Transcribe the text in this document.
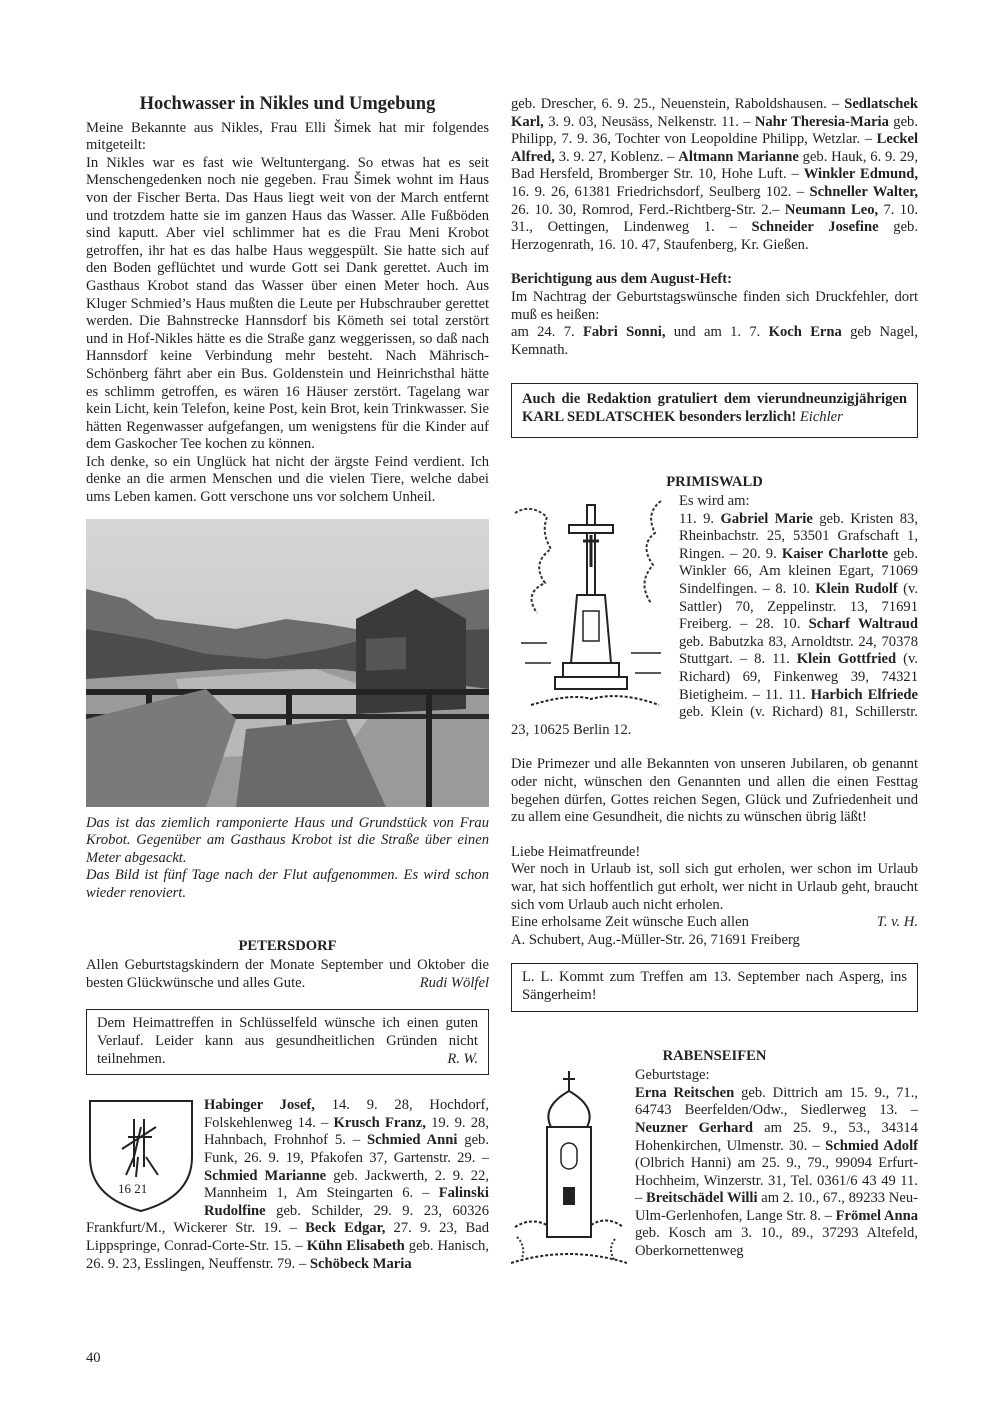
Hochwasser in Nikles und Umgebung

Meine Bekannte aus Nikles, Frau Elli Šimek hat mir folgendes mitgeteilt:

In Nikles war es fast wie Weltuntergang. So etwas hat es seit Menschengedenken noch nie gegeben. Frau Šimek wohnt im Haus von der Fischer Berta. Das Haus liegt weit von der March entfernt und trotzdem hatte sie im ganzen Haus das Wasser. Alle Fußböden sind kaputt. Aber viel schlimmer hat es die Frau Meni Krobot getroffen, ihr hat es das halbe Haus weggespült. Sie hatte sich auf den Boden geflüchtet und wurde Gott sei Dank gerettet. Auch im Gasthaus Krobot stand das Wasser über einen Meter hoch. Aus Kluger Schmied’s Haus mußten die Leute per Hubschrauber gerettet werden. Die Bahnstrecke Hannsdorf bis Kömeth sei total zerstört und in Hof-Nikles hätte es die Straße ganz weggerissen, so daß nach Hannsdorf keine Verbindung mehr besteht. Nach Mährisch-Schönberg fährt aber ein Bus. Goldenstein und Heinrichsthal hätte es schlimm getroffen, es wären 16 Häuser zerstört. Tagelang war kein Licht, kein Telefon, keine Post, kein Brot, kein Trinkwasser. Sie hätten Regenwasser aufgefangen, um wenigstens für die Kinder auf dem Gaskocher Tee kochen zu können.

Ich denke, so ein Unglück hat nicht der ärgste Feind verdient. Ich denke an die armen Menschen und die vielen Tiere, welche dabei ums Leben kamen. Gott verschone uns vor solchem Unheil.

Das ist das ziemlich ramponierte Haus und Grundstück von Frau Krobot. Gegenüber am Gasthaus Krobot ist die Straße über einen Meter abgesackt.

Das Bild ist fünf Tage nach der Flut aufgenommen. Es wird schon wieder renoviert.

PETERSDORF

Allen Geburtstagskindern der Monate September und Oktober die besten Glückwünsche und alles Gute.	Rudi Wölfel

Dem Heimattreffen in Schlüsselfeld wünsche ich einen guten Verlauf. Leider kann aus gesundheitlichen Gründen nicht teilnehmen.	R. W.

16 21

Habinger Josef, 14. 9. 28, Hochdorf, Folskehlenweg 14. – Krusch Franz, 19. 9. 28, Hahnbach, Frohnhof 5. – Schmied Anni geb. Funk, 26. 9. 19, Pfakofen 37, Gartenstr. 29. – Schmied Marianne geb. Jackwerth, 2. 9. 22, Mannheim 1, Am Steingarten 6. – Falinski Rudolfine geb. Schilder, 29. 9. 23, 60326 Frankfurt/M., Wickerer Str. 19. – Beck Edgar, 27. 9. 23, Bad Lippspringe, Conrad-Corte-Str. 15. – Kühn Elisabeth geb. Hanisch, 26. 9. 23, Esslingen, Neuffenstr. 79. – Schöbeck Maria

geb. Drescher, 6. 9. 25., Neuenstein, Raboldshausen. – Sedlatschek Karl, 3. 9. 03, Neusäss, Nelkenstr. 11. – Nahr Theresia-Maria geb. Philipp, 7. 9. 36, Tochter von Leopoldine Philipp, Wetzlar. – Leckel Alfred, 3. 9. 27, Koblenz. – Altmann Marianne geb. Hauk, 6. 9. 29, Bad Hersfeld, Bromberger Str. 10, Hohe Luft. – Winkler Edmund, 16. 9. 26, 61381 Friedrichsdorf, Seulberg 102. – Schneller Walter, 26. 10. 30, Romrod, Ferd.-Richtberg-Str. 2.– Neumann Leo, 7. 10. 31., Oettingen, Lindenweg 1. – Schneider Josefine geb. Herzogenrath, 16. 10. 47, Staufenberg, Kr. Gießen.

Berichtigung aus dem August-Heft:

Im Nachtrag der Geburtstagswünsche finden sich Druckfehler, dort muß es heißen:

am 24. 7. Fabri Sonni, und am 1. 7. Koch Erna geb Nagel, Kemnath.

Auch die Redaktion gratuliert dem vierundneunzigjährigen KARL SEDLATSCHEK besonders lerzlich! Eichler

PRIMISWALD

Es wird am:

11. 9. Gabriel Marie geb. Kristen 83, Rheinbachstr. 25, 53501 Grafschaft 1, Ringen. – 20. 9. Kaiser Charlotte geb. Winkler 66, Am kleinen Egart, 71069 Sindelfingen. – 8. 10. Klein Rudolf (v. Sattler) 70, Zeppelinstr. 13, 71691 Freiberg. – 28. 10. Scharf Waltraud geb. Babutzka 83, Arnoldtstr. 24, 70378 Stuttgart. – 8. 11. Klein Gottfried (v. Richard) 69, Finkenweg 39, 74321 Bietigheim. – 11. 11. Harbich Elfriede geb. Klein (v. Richard) 81, Schillerstr. 23, 10625 Berlin 12.

Die Primezer und alle Bekannten von unseren Jubilaren, ob genannt oder nicht, wünschen den Genannten und allen die einen Festtag begehen dürfen, Gottes reichen Segen, Glück und Zufriedenheit und zu allem eine Gesundheit, die nichts zu wünschen übrig läßt!

Liebe Heimatfreunde!

Wer noch in Urlaub ist, soll sich gut erholen, wer schon im Urlaub war, hat sich hoffentlich gut erholt, wer nicht in Urlaub geht, braucht sich vom Urlaub auch nicht erholen.

Eine erholsame Zeit wünsche Euch allen	T. v. H.

A. Schubert, Aug.-Müller-Str. 26, 71691 Freiberg

L. L. Kommt zum Treffen am 13. September nach Asperg, ins Sängerheim!

RABENSEIFEN

Geburtstage:

Erna Reitschen geb. Dittrich am 15. 9., 71., 64743 Beerfelden/Odw., Siedlerweg 13. – Neuzner Gerhard am 25. 9., 53., 34314 Hohenkirchen, Ulmenstr. 30. – Schmied Adolf (Olbrich Hanni) am 25. 9., 79., 99094 Erfurt-Hochheim, Winzerstr. 31, Tel. 0361/6 43 49 11. – Breitschädel Willi am 2. 10., 67., 89233 Neu-Ulm-Gerlenhofen, Lange Str. 8. – Frömel Anna geb. Kosch am 3. 10., 89., 37293 Altefeld, Oberkornettenweg

40
